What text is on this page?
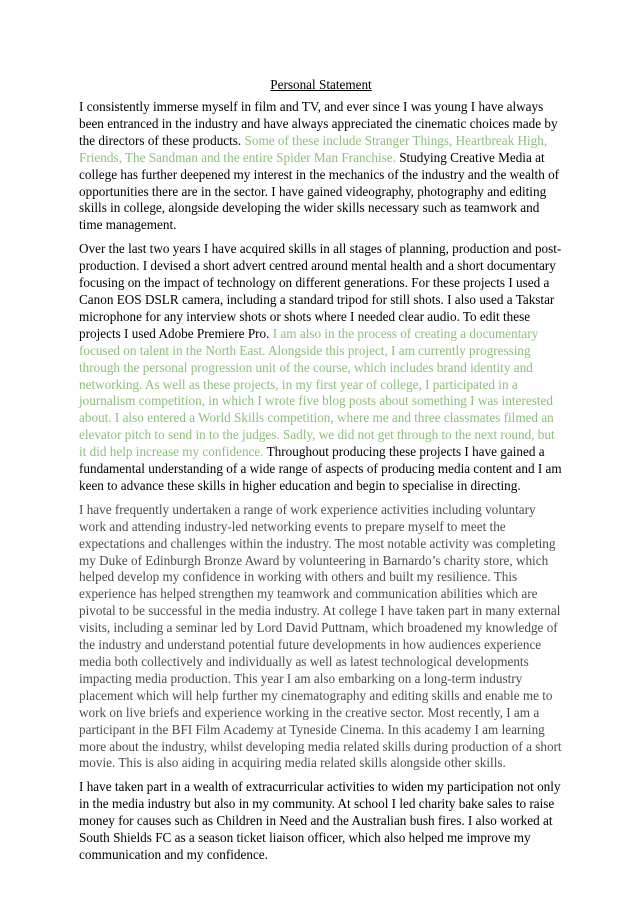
Personal Statement

I consistently immerse myself in film and TV, and ever since I was young I have always been entranced in the industry and have always appreciated the cinematic choices made by the directors of these products. Some of these include Stranger Things, Heartbreak High, Friends, The Sandman and the entire Spider Man Franchise. Studying Creative Media at college has further deepened my interest in the mechanics of the industry and the wealth of opportunities there are in the sector. I have gained videography, photography and editing skills in college, alongside developing the wider skills necessary such as teamwork and time management.

Over the last two years I have acquired skills in all stages of planning, production and post-production. I devised a short advert centred around mental health and a short documentary focusing on the impact of technology on different generations. For these projects I used a Canon EOS DSLR camera, including a standard tripod for still shots. I also used a Takstar microphone for any interview shots or shots where I needed clear audio. To edit these projects I used Adobe Premiere Pro. I am also in the process of creating a documentary focused on talent in the North East. Alongside this project, I am currently progressing through the personal progression unit of the course, which includes brand identity and networking. As well as these projects, in my first year of college, I participated in a journalism competition, in which I wrote five blog posts about something I was interested about. I also entered a World Skills competition, where me and three classmates filmed an elevator pitch to send in to the judges. Sadly, we did not get through to the next round, but it did help increase my confidence. Throughout producing these projects I have gained a fundamental understanding of a wide range of aspects of producing media content and I am keen to advance these skills in higher education and begin to specialise in directing.

I have frequently undertaken a range of work experience activities including voluntary work and attending industry-led networking events to prepare myself to meet the expectations and challenges within the industry. The most notable activity was completing my Duke of Edinburgh Bronze Award by volunteering in Barnardo’s charity store, which helped develop my confidence in working with others and built my resilience. This experience has helped strengthen my teamwork and communication abilities which are pivotal to be successful in the media industry. At college I have taken part in many external visits, including a seminar led by Lord David Puttnam, which broadened my knowledge of the industry and understand potential future developments in how audiences experience media both collectively and individually as well as latest technological developments impacting media production. This year I am also embarking on a long-term industry placement which will help further my cinematography and editing skills and enable me to work on live briefs and experience working in the creative sector. Most recently, I am a participant in the BFI Film Academy at Tyneside Cinema. In this academy I am learning more about the industry, whilst developing media related skills during production of a short movie. This is also aiding in acquiring media related skills alongside other skills.

I have taken part in a wealth of extracurricular activities to widen my participation not only in the media industry but also in my community. At school I led charity bake sales to raise money for causes such as Children in Need and the Australian bush fires. I also worked at South Shields FC as a season ticket liaison officer, which also helped me improve my communication and my confidence.
